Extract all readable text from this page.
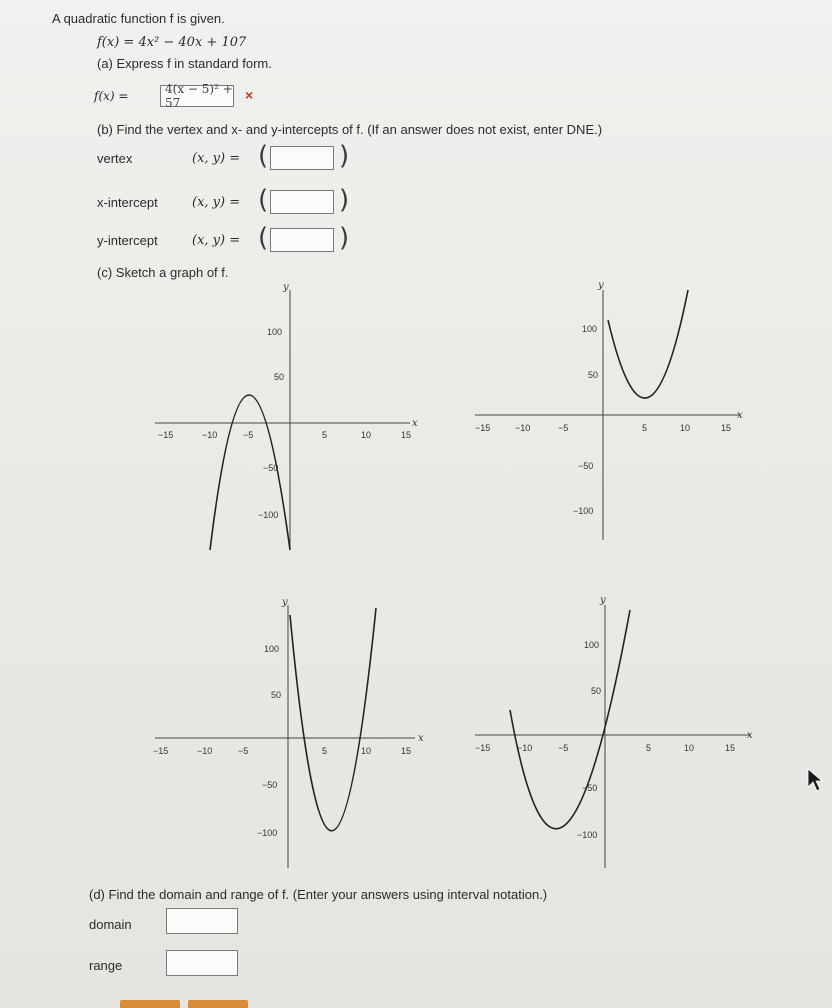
A quadratic function f is given.
f(x) = 4x² − 40x + 107
(a) Express f in standard form.
f(x) =	4(x − 5)² + 57	×
(b) Find the vertex and x- and y-intercepts of f. (If an answer does not exist, enter DNE.)
vertex	(x, y) = (	)
x-intercept	(x, y) = (	)
y-intercept	(x, y) = (	)
(c) Sketch a graph of f.
y
x
−15	−10	−5	5	10	15
100
50
−50
−100
y
x
−15	−10	−5	5	10	15
100
50
−50
−100
y
x
−15	−10	−5	5	10	15
100
50
−50
−100
y
x
−15	−10	−5	5	10	15
100
50
−50
−100
(d) Find the domain and range of f. (Enter your answers using interval notation.)
domain
range
